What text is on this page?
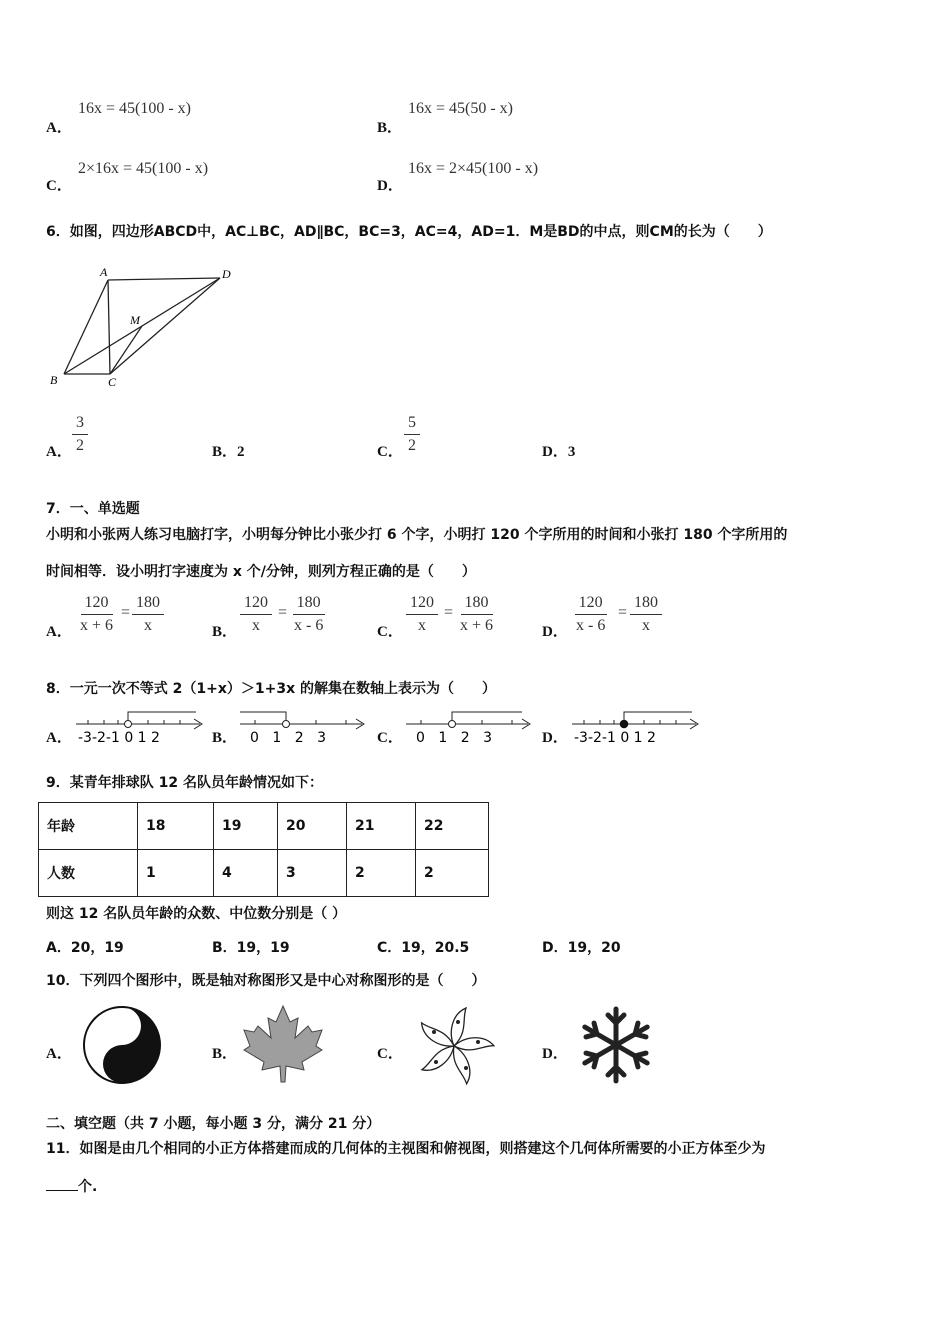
A．
16x = 45(100 - x)
B．
16x = 45(50 - x)
C．
2×16x = 45(100 - x)
D．
16x = 2×45(100 - x)
6．如图，四边形ABCD中，AC⊥BC，AD∥BC，BC=3，AC=4，AD=1．M是BD的中点，则CM的长为（　　）
A	D
M
B	C
A． $\frac{3}{2}$	B．2	C． $\frac{5}{2}$	D．3
7．一、单选题
小明和小张两人练习电脑打字，小明每分钟比小张少打 6 个字，小明打 120 个字所用的时间和小张打 180 个字所用的
时间相等．设小明打字速度为 x 个/分钟，则列方程正确的是（　　）
A． $\frac{120}{x + 6} = \frac{180}{x}$	B． $\frac{120}{x} = \frac{180}{x - 6}$	C． $\frac{120}{x} = \frac{180}{x + 6}$	D． $\frac{120}{x - 6} = \frac{180}{x}$
8．一元一次不等式 2（1+x）＞1+3x 的解集在数轴上表示为（　　）
A． -3-2-1 0 1 2	B． 0 1 2 3	C． 0 1 2 3	D． -3-2-1 0 1 2
9．某青年排球队 12 名队员年龄情况如下：
年龄	18	19	20	21	22
人数	1	4	3	2	2
则这 12 名队员年龄的众数、中位数分别是（ ）
A．20，19	B．19，19	C．19，20.5	D．19，20
10．下列四个图形中，既是轴对称图形又是中心对称图形的是（　　）
A．	B．	C．	D．
二、填空题（共 7 小题，每小题 3 分，满分 21 分）
11．如图是由几个相同的小正方体搭建而成的几何体的主视图和俯视图，则搭建这个几何体所需要的小正方体至少为
个.
